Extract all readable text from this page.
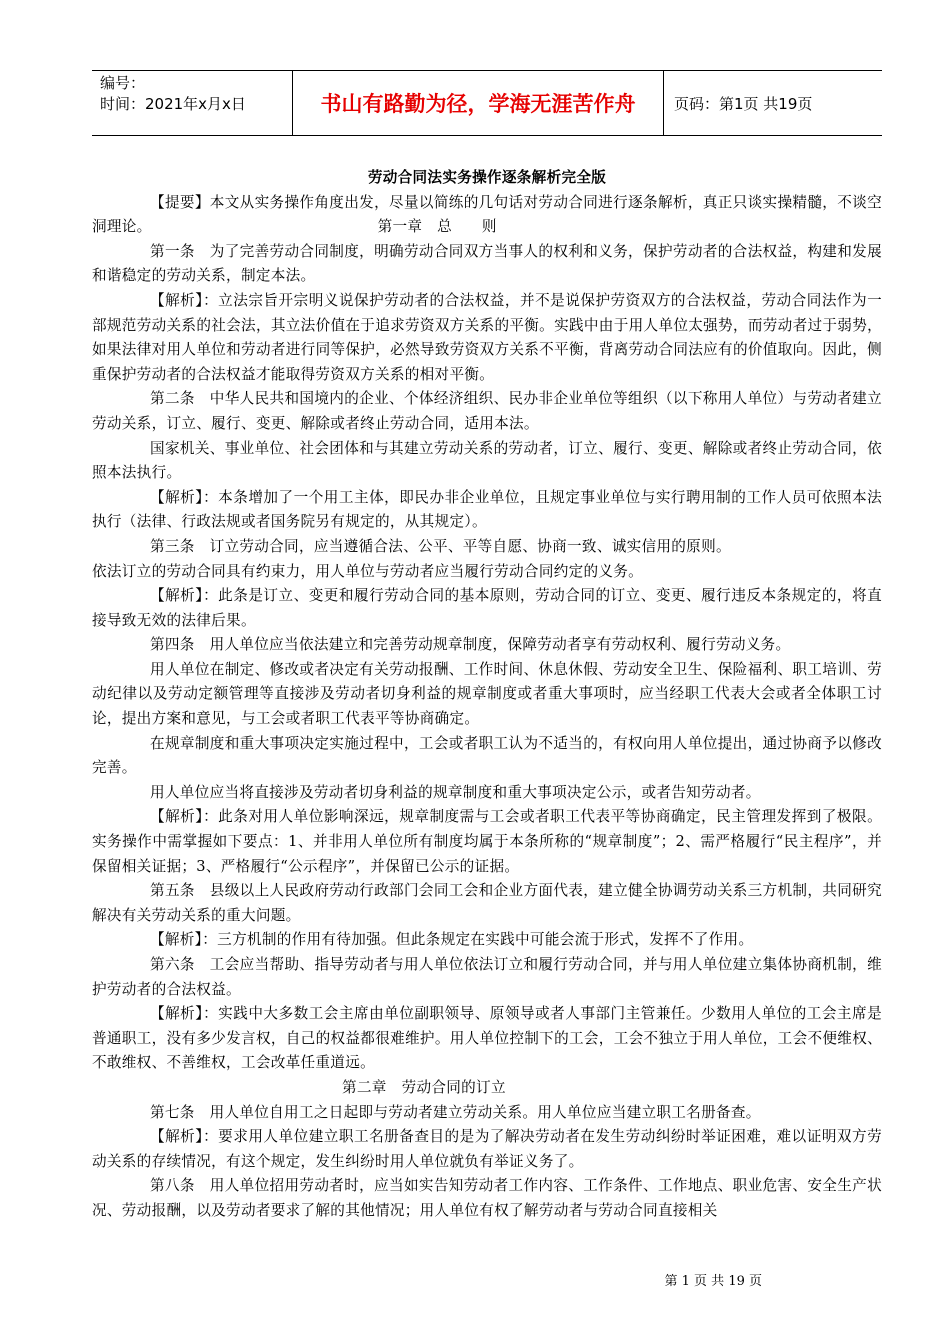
编号：
时间：2021年x月x日	书山有路勤为径，学海无涯苦作舟	页码：第1页 共19页

劳动合同法实务操作逐条解析完全版

【提要】本文从实务操作角度出发，尽量以简练的几句话对劳动合同进行逐条解析，真正只谈实操精髓，不谈空洞理论。	第一章　总　　则

第一条　为了完善劳动合同制度，明确劳动合同双方当事人的权利和义务，保护劳动者的合法权益，构建和发展和谐稳定的劳动关系，制定本法。

【解析】：立法宗旨开宗明义说保护劳动者的合法权益，并不是说保护劳资双方的合法权益，劳动合同法作为一部规范劳动关系的社会法，其立法价值在于追求劳资双方关系的平衡。实践中由于用人单位太强势，而劳动者过于弱势，如果法律对用人单位和劳动者进行同等保护，必然导致劳资双方关系不平衡，背离劳动合同法应有的价值取向。因此，侧重保护劳动者的合法权益才能取得劳资双方关系的相对平衡。

第二条　中华人民共和国境内的企业、个体经济组织、民办非企业单位等组织（以下称用人单位）与劳动者建立劳动关系，订立、履行、变更、解除或者终止劳动合同，适用本法。

国家机关、事业单位、社会团体和与其建立劳动关系的劳动者，订立、履行、变更、解除或者终止劳动合同，依照本法执行。

【解析】：本条增加了一个用工主体，即民办非企业单位，且规定事业单位与实行聘用制的工作人员可依照本法执行（法律、行政法规或者国务院另有规定的，从其规定）。

第三条　订立劳动合同，应当遵循合法、公平、平等自愿、协商一致、诚实信用的原则。

依法订立的劳动合同具有约束力，用人单位与劳动者应当履行劳动合同约定的义务。

【解析】：此条是订立、变更和履行劳动合同的基本原则，劳动合同的订立、变更、履行违反本条规定的，将直接导致无效的法律后果。

第四条　用人单位应当依法建立和完善劳动规章制度，保障劳动者享有劳动权利、履行劳动义务。

用人单位在制定、修改或者决定有关劳动报酬、工作时间、休息休假、劳动安全卫生、保险福利、职工培训、劳动纪律以及劳动定额管理等直接涉及劳动者切身利益的规章制度或者重大事项时，应当经职工代表大会或者全体职工讨论，提出方案和意见，与工会或者职工代表平等协商确定。

在规章制度和重大事项决定实施过程中，工会或者职工认为不适当的，有权向用人单位提出，通过协商予以修改完善。

用人单位应当将直接涉及劳动者切身利益的规章制度和重大事项决定公示，或者告知劳动者。

【解析】：此条对用人单位影响深远，规章制度需与工会或者职工代表平等协商确定，民主管理发挥到了极限。实务操作中需掌握如下要点：1、并非用人单位所有制度均属于本条所称的“规章制度”；2、需严格履行“民主程序”，并保留相关证据；3、严格履行“公示程序”，并保留已公示的证据。

第五条　县级以上人民政府劳动行政部门会同工会和企业方面代表，建立健全协调劳动关系三方机制，共同研究解决有关劳动关系的重大问题。

【解析】：三方机制的作用有待加强。但此条规定在实践中可能会流于形式，发挥不了作用。

第六条　工会应当帮助、指导劳动者与用人单位依法订立和履行劳动合同，并与用人单位建立集体协商机制，维护劳动者的合法权益。

【解析】：实践中大多数工会主席由单位副职领导、原领导或者人事部门主管兼任。少数用人单位的工会主席是普通职工，没有多少发言权，自己的权益都很难维护。用人单位控制下的工会，工会不独立于用人单位，工会不便维权、不敢维权、不善维权，工会改革任重道远。

第二章　劳动合同的订立

第七条　用人单位自用工之日起即与劳动者建立劳动关系。用人单位应当建立职工名册备查。

【解析】：要求用人单位建立职工名册备查目的是为了解决劳动者在发生劳动纠纷时举证困难，难以证明双方劳动关系的存续情况，有这个规定，发生纠纷时用人单位就负有举证义务了。

第八条　用人单位招用劳动者时，应当如实告知劳动者工作内容、工作条件、工作地点、职业危害、安全生产状况、劳动报酬，以及劳动者要求了解的其他情况；用人单位有权了解劳动者与劳动合同直接相关

第 1 页 共 19 页
